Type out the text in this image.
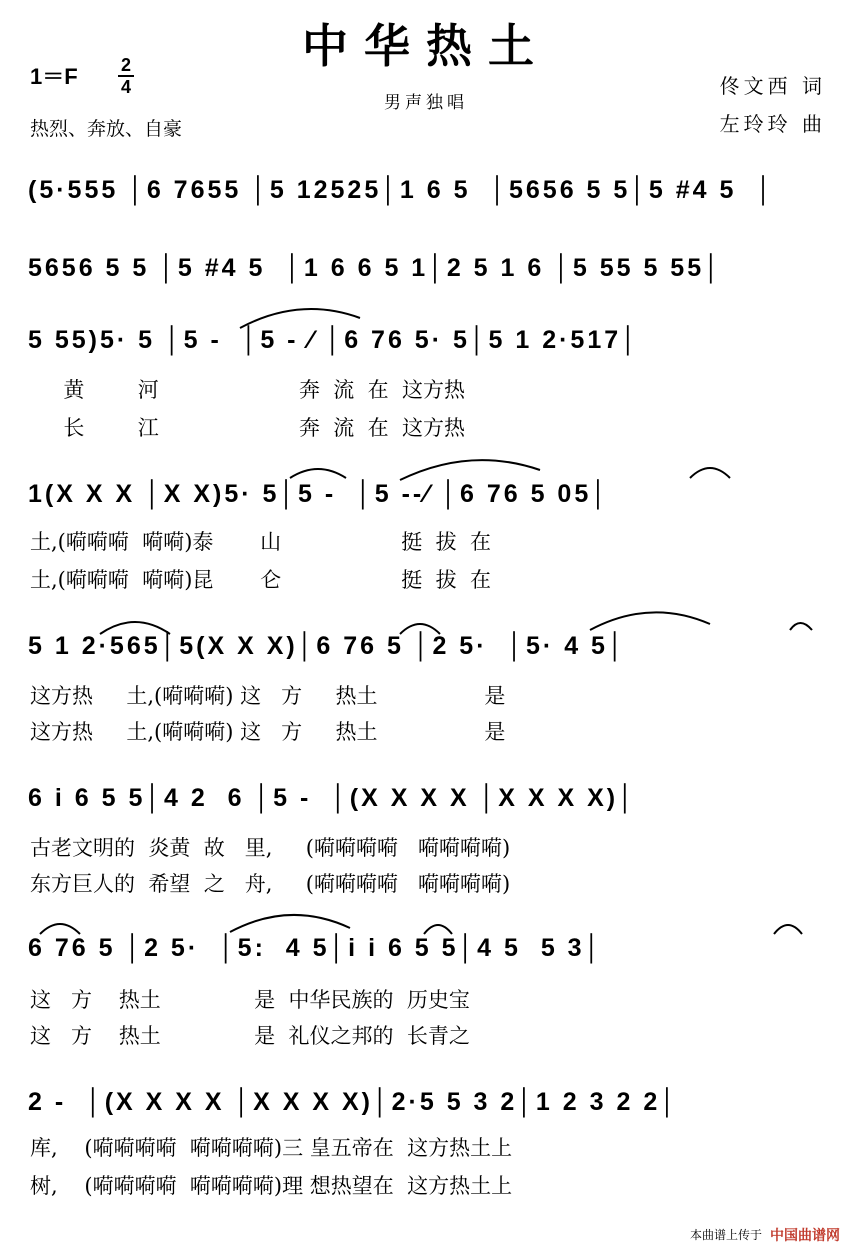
中华热土
1＝F 2
4
男声独唱
热烈、奔放、自豪
佟文西 词
左玲玲 曲
(5·555 │6 7655 │5 12525│1 6 5  │5656 5 5│5 #4 5  │
5656 5 5 │5 #4 5  │1 6 6 5 1│2 5 1 6 │5 55 5 55│
5 55)5· 5 │5 -  │5 - ⁄ │6 76 5· 5│5 1 2·517│
黄        河                     奔  流  在  这方热
长        江                     奔  流  在  这方热
1(X X X │X X)5· 5│5 -  │5 --⁄ │6 76 5 05│
土,(嗬嗬嗬  嗬嗬)泰       山                  挺  拔  在
土,(嗬嗬嗬  嗬嗬)昆       仑                  挺  拔  在
5 1 2·565│5(X X X)│6 76 5 │2 5·  │5· 4 5│
这方热     土,(嗬嗬嗬) 这   方     热土                是
这方热     土,(嗬嗬嗬) 这   方     热土                是
6 i 6 5 5│4 2  6 │5 -  │(X X X X │X X X X)│
古老文明的  炎黄  故   里,     (嗬嗬嗬嗬   嗬嗬嗬嗬)
东方巨人的  希望  之   舟,     (嗬嗬嗬嗬   嗬嗬嗬嗬)
6 76 5 │2 5·  │5:  4 5│i i 6 5 5│4 5  5 3│
这   方    热土              是  中华民族的  历史宝
这   方    热土              是  礼仪之邦的  长青之
2 -  │(X X X X │X X X X)│2·5 5 3 2│1 2 3 2 2│
库,    (嗬嗬嗬嗬  嗬嗬嗬嗬)三 皇五帝在  这方热土上
树,    (嗬嗬嗬嗬  嗬嗬嗬嗬)理 想热望在  这方热土上
本曲谱上传于 中国曲谱网
